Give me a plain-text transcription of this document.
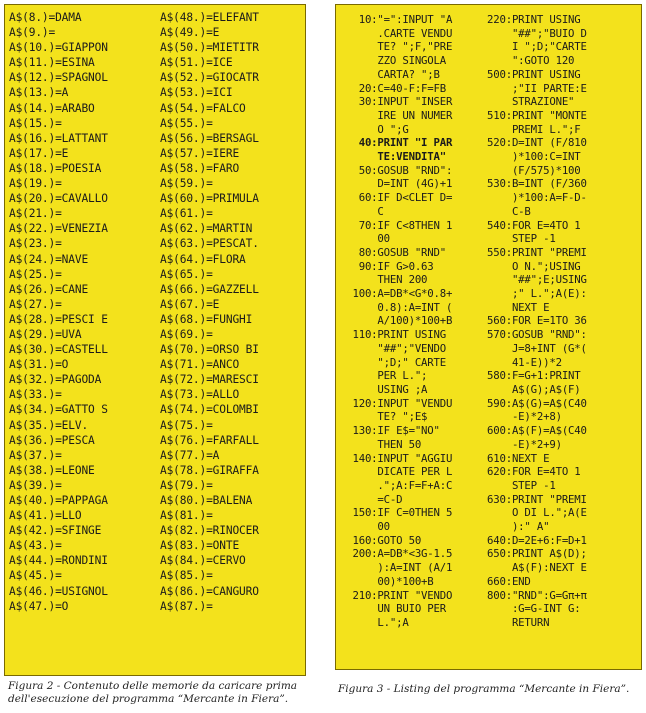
A$(8.)=DAMA
A$(9.)=
A$(10.)=GIAPPON
A$(11.)=ESINA
A$(12.)=SPAGNOL
A$(13.)=A
A$(14.)=ARABO
A$(15.)=
A$(16.)=LATTANT
A$(17.)=E
A$(18.)=POESIA
A$(19.)=
A$(20.)=CAVALLO
A$(21.)=
A$(22.)=VENEZIA
A$(23.)=
A$(24.)=NAVE
A$(25.)=
A$(26.)=CANE
A$(27.)=
A$(28.)=PESCI E
A$(29.)=UVA
A$(30.)=CASTELL
A$(31.)=O
A$(32.)=PAGODA
A$(33.)=
A$(34.)=GATTO S
A$(35.)=ELV.
A$(36.)=PESCA
A$(37.)=
A$(38.)=LEONE
A$(39.)=
A$(40.)=PAPPAGA
A$(41.)=LLO
A$(42.)=SFINGE
A$(43.)=
A$(44.)=RONDINI
A$(45.)=
A$(46.)=USIGNOL
A$(47.)=O
A$(48.)=ELEFANT
A$(49.)=E
A$(50.)=MIETITR
A$(51.)=ICE
A$(52.)=GIOCATR
A$(53.)=ICI
A$(54.)=FALCO
A$(55.)=
A$(56.)=BERSAGL
A$(57.)=IERE
A$(58.)=FARO
A$(59.)=
A$(60.)=PRIMULA
A$(61.)=
A$(62.)=MARTIN
A$(63.)=PESCAT.
A$(64.)=FLORA
A$(65.)=
A$(66.)=GAZZELL
A$(67.)=E
A$(68.)=FUNGHI
A$(69.)=
A$(70.)=ORSO BI
A$(71.)=ANCO
A$(72.)=MARESCI
A$(73.)=ALLO
A$(74.)=COLOMBI
A$(75.)=
A$(76.)=FARFALL
A$(77.)=A
A$(78.)=GIRAFFA
A$(79.)=
A$(80.)=BALENA
A$(81.)=
A$(82.)=RINOCER
A$(83.)=ONTE
A$(84.)=CERVO
A$(85.)=
A$(86.)=CANGURO
A$(87.)=
10:"=":INPUT "A
.CARTE VENDU
TE? ";F,"PRE
ZZO SINGOLA
CARTA? ";B
20:C=40-F:F=FB
30:INPUT "INSER
IRE UN NUMER
O ";G
40:PRINT "I PAR
TE:VENDITA"
50:GOSUB "RND":
D=INT (4G)+1
60:IF D<CLET D=
C
70:IF C<8THEN 1
00
80:GOSUB "RND"
90:IF G>0.63
THEN 200
100:A=DB*<G*0.8+
0.8):A=INT (
A/100)*100+B
110:PRINT USING
"##";"VENDO
";D;" CARTE
PER L.";
USING ;A
120:INPUT "VENDU
TE? ";E$
130:IF E$="NO"
THEN 50
140:INPUT "AGGIU
DICATE PER L
.";A:F=F+A:C
=C-D
150:IF C=0THEN 5
00
160:GOTO 50
200:A=DB*<3G-1.5
):A=INT (A/1
00)*100+B
210:PRINT "VENDO
UN BUIO PER
L.";A
220:PRINT USING
"##";"BUIO D
I ";D;"CARTE
":GOTO 120
500:PRINT USING
;"II PARTE:E
STRAZIONE"
510:PRINT "MONTE
PREMI L.";F
520:D=INT (F/810
)*100:C=INT
(F/575)*100
530:B=INT (F/360
)*100:A=F-D-
C-B
540:FOR E=4TO 1
STEP -1
550:PRINT "PREMI
O N.";USING
"##";E;USING
;" L.";A(E):
NEXT E
560:FOR E=1TO 36
570:GOSUB "RND":
J=8+INT (G*(
41-E))*2
580:F=G+1:PRINT
A$(G);A$(F)
590:A$(G)=A$(C40
-E)*2+8)
600:A$(F)=A$(C40
-E)*2+9)
610:NEXT E
620:FOR E=4TO 1
STEP -1
630:PRINT "PREMI
O DI L.";A(E
):" A"
640:D=2E+6:F=D+1
650:PRINT A$(D);
A$(F):NEXT E
660:END
800:"RND":G=Gπ+π
:G=G-INT G:
RETURN
Figura 2 - Contenuto delle memorie da caricare prima
dell'esecuzione del programma “Mercante in Fiera”.
Figura 3 - Listing del programma “Mercante in Fiera”.
